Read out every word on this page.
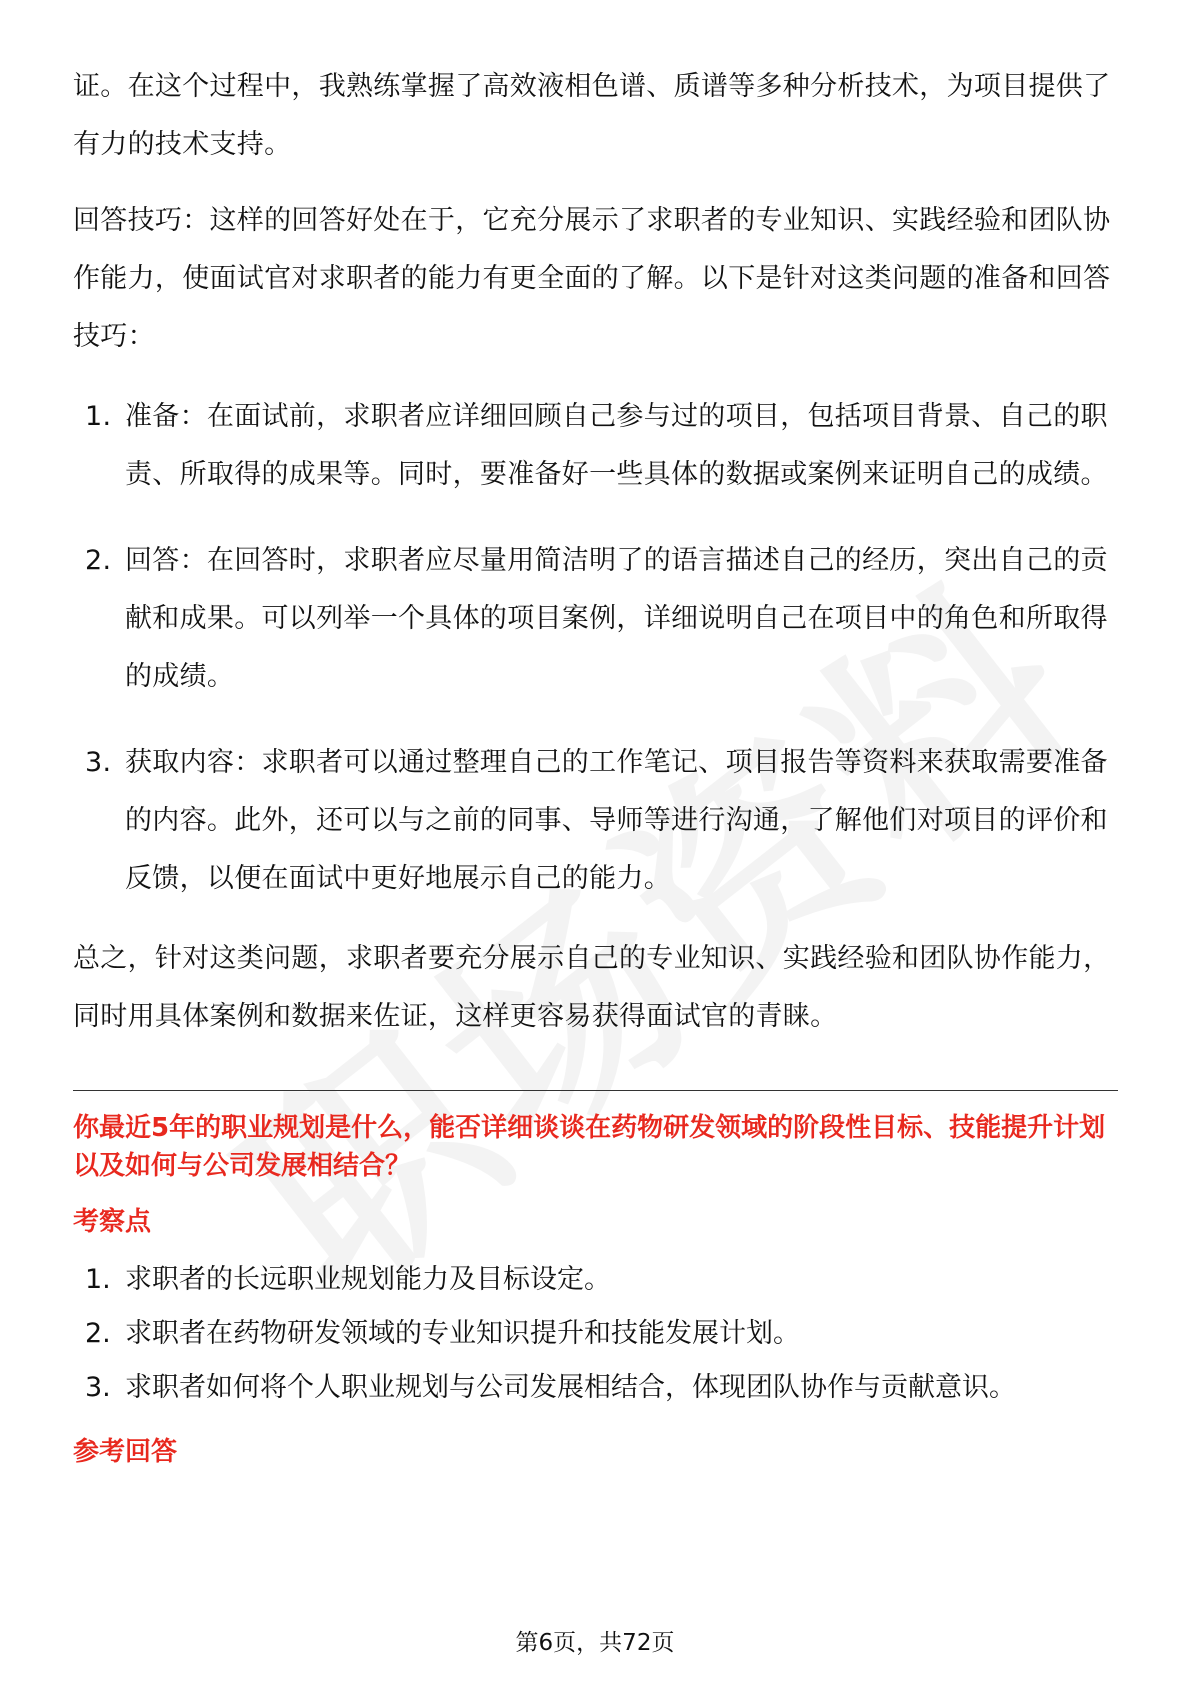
证。在这个过程中，我熟练掌握了高效液相色谱、质谱等多种分析技术，为项目提供了有力的技术支持。

回答技巧：这样的回答好处在于，它充分展示了求职者的专业知识、实践经验和团队协作能力，使面试官对求职者的能力有更全面的了解。以下是针对这类问题的准备和回答技巧：

1. 准备：在面试前，求职者应详细回顾自己参与过的项目，包括项目背景、自己的职责、所取得的成果等。同时，要准备好一些具体的数据或案例来证明自己的成绩。
2. 回答：在回答时，求职者应尽量用简洁明了的语言描述自己的经历，突出自己的贡献和成果。可以列举一个具体的项目案例，详细说明自己在项目中的角色和所取得的成绩。
3. 获取内容：求职者可以通过整理自己的工作笔记、项目报告等资料来获取需要准备的内容。此外，还可以与之前的同事、导师等进行沟通，了解他们对项目的评价和反馈，以便在面试中更好地展示自己的能力。

总之，针对这类问题，求职者要充分展示自己的专业知识、实践经验和团队协作能力，同时用具体案例和数据来佐证，这样更容易获得面试官的青睐。

你最近5年的职业规划是什么，能否详细谈谈在药物研发领域的阶段性目标、技能提升计划以及如何与公司发展相结合？

考察点
1. 求职者的长远职业规划能力及目标设定。
2. 求职者在药物研发领域的专业知识提升和技能发展计划。
3. 求职者如何将个人职业规划与公司发展相结合，体现团队协作与贡献意识。
参考回答
第6页，共72页
